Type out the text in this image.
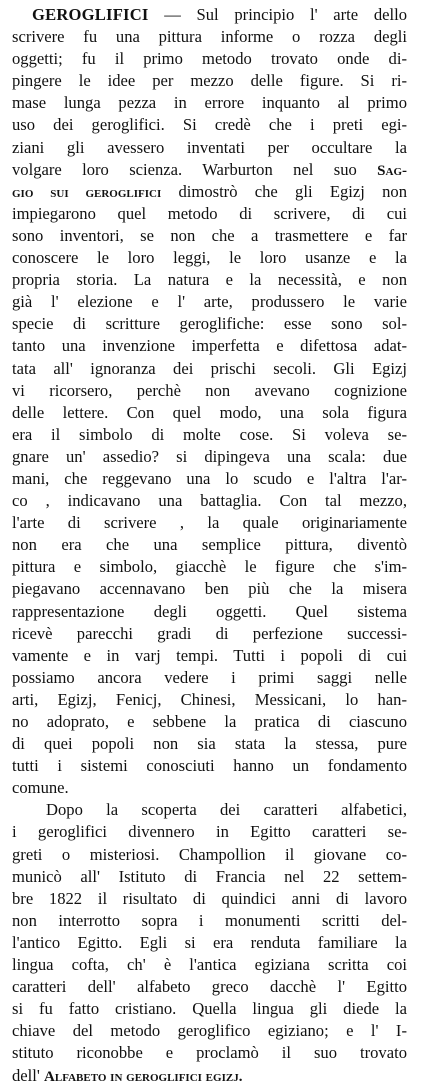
GEROGLIFICI — Sul principio l' arte dello
scrivere fu una pittura informe o rozza degli
oggetti; fu il primo metodo trovato onde di-
pingere le idee per mezzo delle figure. Si ri-
mase lunga pezza in errore inquanto al primo
uso dei geroglifici. Si credè che i preti egi-
ziani gli avessero inventati per occultare la
volgare loro scienza. Warburton nel suo Sag-
gio sui geroglifici dimostrò che gli Egizj non
impiegarono quel metodo di scrivere, di cui
sono inventori, se non che a trasmettere e far
conoscere le loro leggi, le loro usanze e la
propria storia. La natura e la necessità, e non
già l' elezione e l' arte, produssero le varie
specie di scritture geroglifiche: esse sono sol-
tanto una invenzione imperfetta e difettosa adat-
tata all' ignoranza dei prischi secoli. Gli Egizj
vi ricorsero, perchè non avevano cognizione
delle lettere. Con quel modo, una sola figura
era il simbolo di molte cose. Si voleva se-
gnare un' assedio? si dipingeva una scala: due
mani, che reggevano una lo scudo e l'altra l'ar-
co , indicavano una battaglia. Con tal mezzo,
l'arte di scrivere , la quale originariamente
non era che una semplice pittura, diventò
pittura e simbolo, giacchè le figure che s'im-
piegavano accennavano ben più che la misera
rappresentazione degli oggetti. Quel sistema
ricevè parecchi gradi di perfezione successi-
vamente e in varj tempi. Tutti i popoli di cui
possiamo ancora vedere i primi saggi nelle
arti, Egizj, Fenicj, Chinesi, Messicani, lo han-
no adoprato, e sebbene la pratica di ciascuno
di quei popoli non sia stata la stessa, pure
tutti i sistemi conosciuti hanno un fondamento
comune.
Dopo la scoperta dei caratteri alfabetici,
i geroglifici divennero in Egitto caratteri se-
greti o misteriosi. Champollion il giovane co-
municò all' Istituto di Francia nel 22 settem-
bre 1822 il risultato di quindici anni di lavoro
non interrotto sopra i monumenti scritti del-
l'antico Egitto. Egli si era renduta familiare la
lingua cofta, ch' è l'antica egiziana scritta coi
caratteri dell' alfabeto greco dacchè l' Egitto
si fu fatto cristiano. Quella lingua gli diede la
chiave del metodo geroglifico egiziano; e l' I-
stituto riconobbe e proclamò il suo trovato
dell' Alfabeto in geroglifici egizj.
